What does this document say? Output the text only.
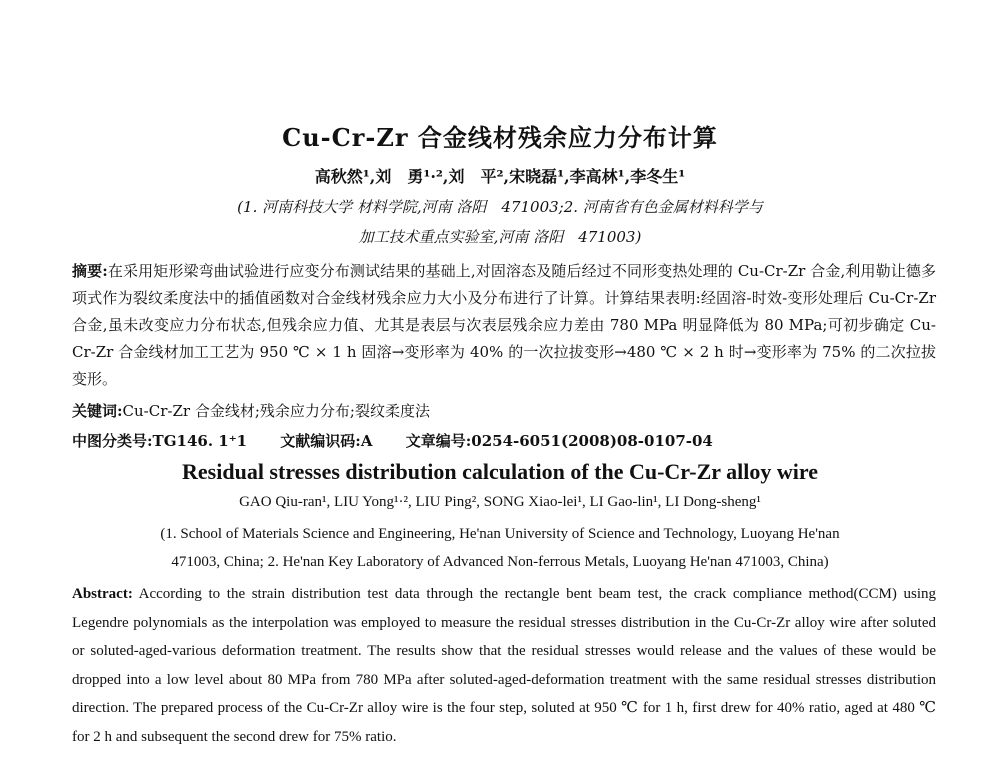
Cu-Cr-Zr 合金线材残余应力分布计算
高秋然¹,刘　勇¹·²,刘　平²,宋晓磊¹,李高林¹,李冬生¹
(1. 河南科技大学 材料学院,河南 洛阳　471003;2. 河南省有色金属材料科学与
加工技术重点实验室,河南 洛阳　471003)
摘要:在采用矩形梁弯曲试验进行应变分布测试结果的基础上,对固溶态及随后经过不同形变热处理的 Cu-Cr-Zr 合金,利用勒让德多项式作为裂纹柔度法中的插值函数对合金线材残余应力大小及分布进行了计算。计算结果表明:经固溶-时效-变形处理后 Cu-Cr-Zr 合金,虽未改变应力分布状态,但残余应力值、尤其是表层与次表层残余应力差由 780 MPa 明显降低为 80 MPa;可初步确定 Cu-Cr-Zr 合金线材加工工艺为 950 ℃ × 1 h 固溶→变形率为 40% 的一次拉拔变形→480 ℃ × 2 h 时→变形率为 75% 的二次拉拔变形。
关键词:Cu-Cr-Zr 合金线材;残余应力分布;裂纹柔度法
中图分类号:TG146. 1⁺1 文献编识码:A 文章编号:0254-6051(2008)08-0107-04
Residual stresses distribution calculation of the Cu-Cr-Zr alloy wire
GAO Qiu-ran¹, LIU Yong¹·², LIU Ping², SONG Xiao-lei¹, LI Gao-lin¹, LI Dong-sheng¹
(1. School of Materials Science and Engineering, He'nan University of Science and Technology, Luoyang He'nan
471003, China; 2. He'nan Key Laboratory of Advanced Non-ferrous Metals, Luoyang He'nan 471003, China)
Abstract: According to the strain distribution test data through the rectangle bent beam test, the crack compliance method(CCM) using Legendre polynomials as the interpolation was employed to measure the residual stresses distribution in the Cu-Cr-Zr alloy wire after soluted or soluted-aged-various deformation treatment. The results show that the residual stresses would release and the values of these would be dropped into a low level about 80 MPa from 780 MPa after soluted-aged-deformation treatment with the same residual stresses distribution direction. The prepared process of the Cu-Cr-Zr alloy wire is the four step, soluted at 950 ℃ for 1 h, first drew for 40% ratio, aged at 480 ℃ for 2 h and subsequent the second drew for 75% ratio.
